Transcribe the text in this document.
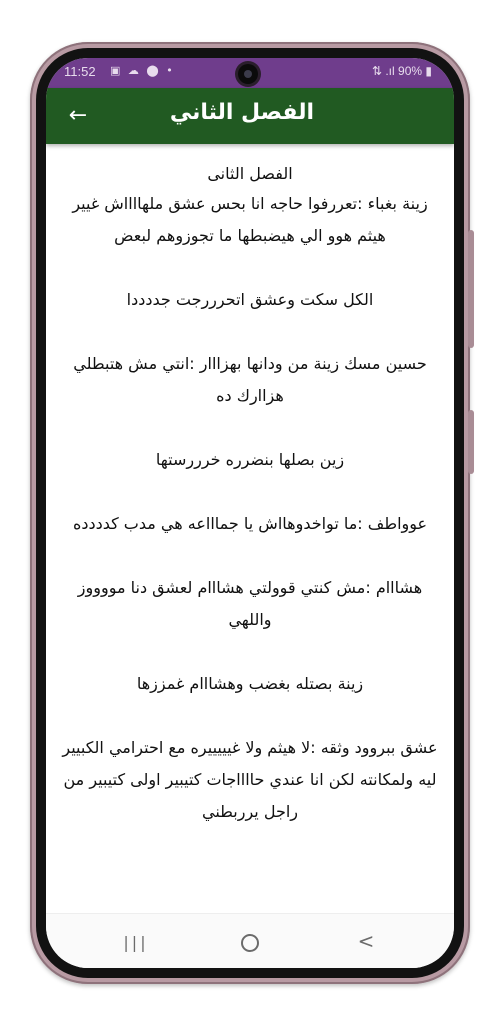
11:52 ▣ ☁ ⬤ •	⇅ .ıl 90% ▮
←	الفصل الثاني
الفصل الثانى
زينة بغباء :تعررفوا حاجه انا بحس عشق ملهااااش غيير هيثم هوو الي هيضبطها ما تجوزوهم لبعض
الكل سكت وعشق اتحرررجت جددددا
حسين مسك زينة من ودانها بهزااار :انتي مش هتبطلي هزاارك ده
زين بصلها بنضرره خرررستها
عوواطف :ما تواخدوهااش يا جماااعه هي مدب كدددده
هشااام :مش كنتي قوولتي هشااام لعشق دنا مووووز واللهي
زينة بصتله بغضب وهشااام غمززها
عشق ببروود وثقه :لا هيثم ولا غيييييره مع احترامي الكبيير ليه ولمكانته لكن انا عندي حااااجات كتيبير اولى كتيبير من راجل يرربطني
|||	<
